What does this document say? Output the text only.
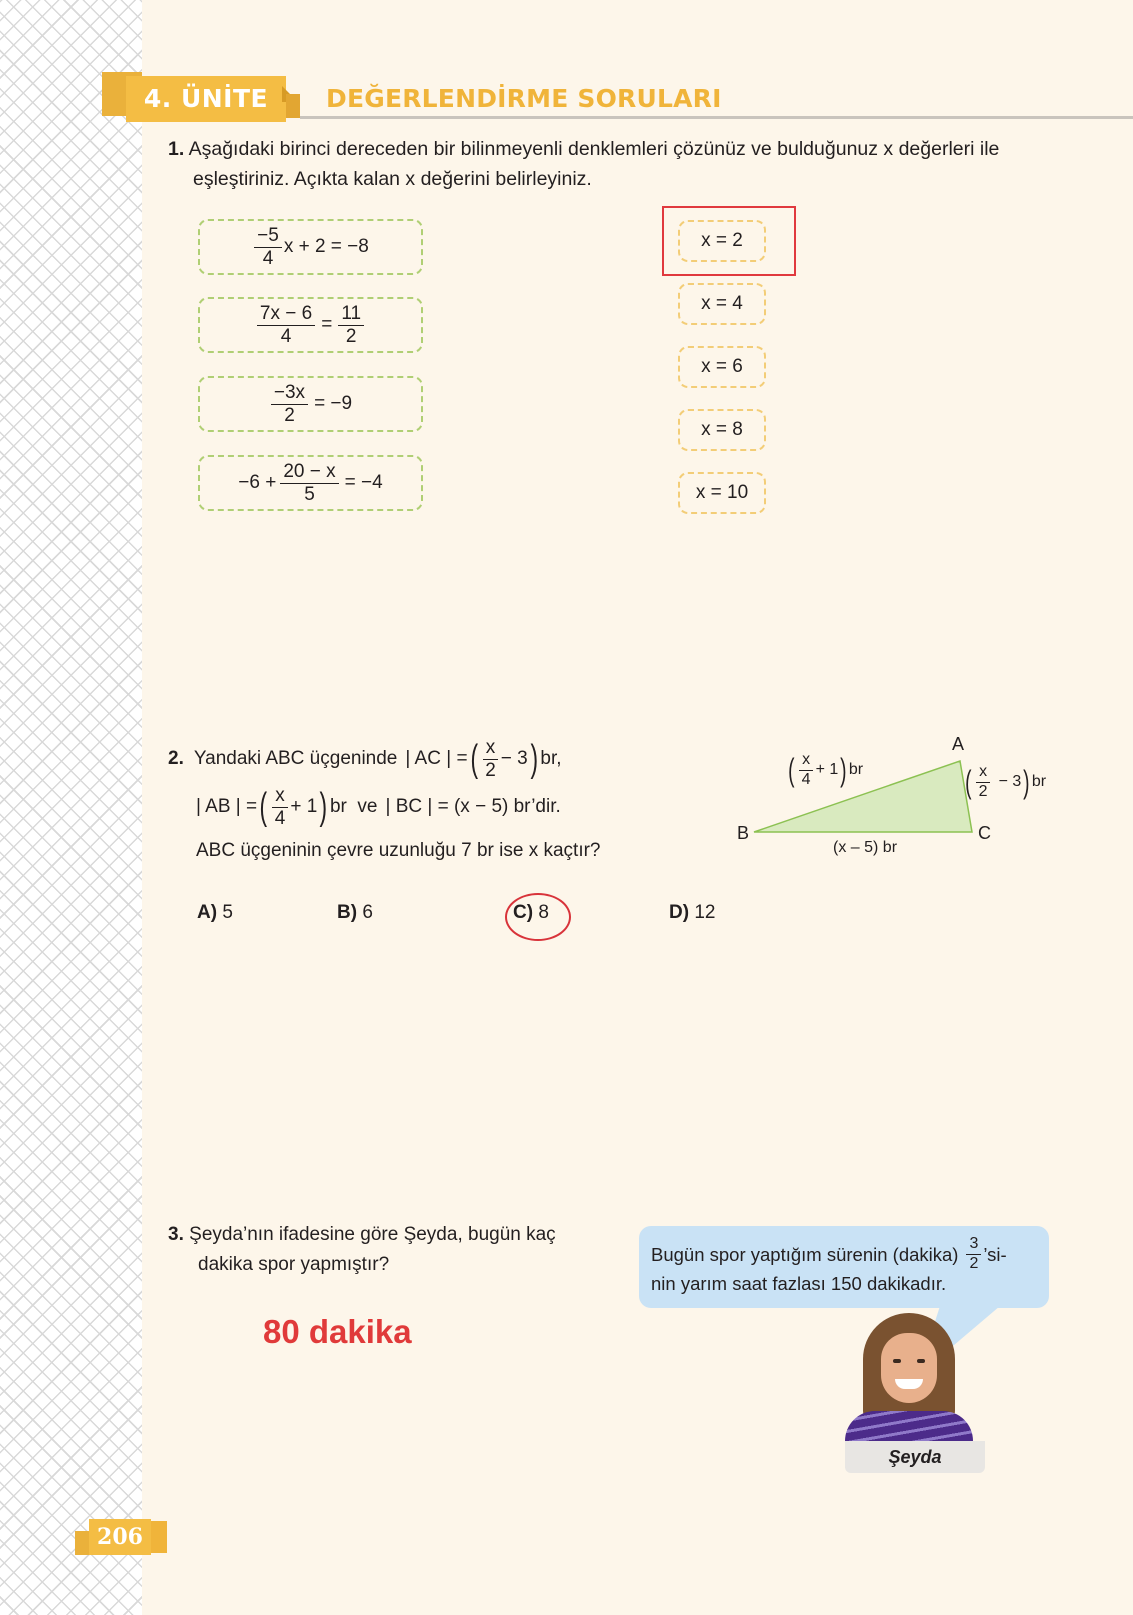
4. ÜNİTE	DEĞERLENDİRME SORULARI
1. Aşağıdaki birinci dereceden bir bilinmeyenli denklemleri çözünüz ve bulduğunuz x değerleri ile
eşleştiriniz. Açıkta kalan x değerini belirleyiniz.
$\frac{-5}{4}$ x + 2 = −8
$\frac{7x - 6}{4} = \frac{11}{2}$
$\frac{-3x}{2} = -9$
$-6 + \frac{20 - x}{5} = -4$
x = 2
x = 4
x = 6
x = 8
x = 10
2. Yandaki ABC üçgeninde | AC | = ( $\frac{x}{2} - 3$ ) br,
| AB | = ( $\frac{x}{4} + 1$ ) br  ve | BC | = (x − 5) br’dir.
ABC üçgeninin çevre uzunluğu 7 br ise x kaçtır?
A) 5	B) 6	C) 8	D) 12
A
B	C
( $\frac{x}{4} + 1$ ) br	( $\frac{x}{2} - 3$ ) br
(x – 5) br
3. Şeyda’nın ifadesine göre Şeyda, bugün kaç
dakika spor yapmıştır?
80 dakika
Bugün spor yaptığım sürenin (dakika) $\frac{3}{2}$ ’si-
nin yarım saat fazlası 150 dakikadır.
Şeyda
206
